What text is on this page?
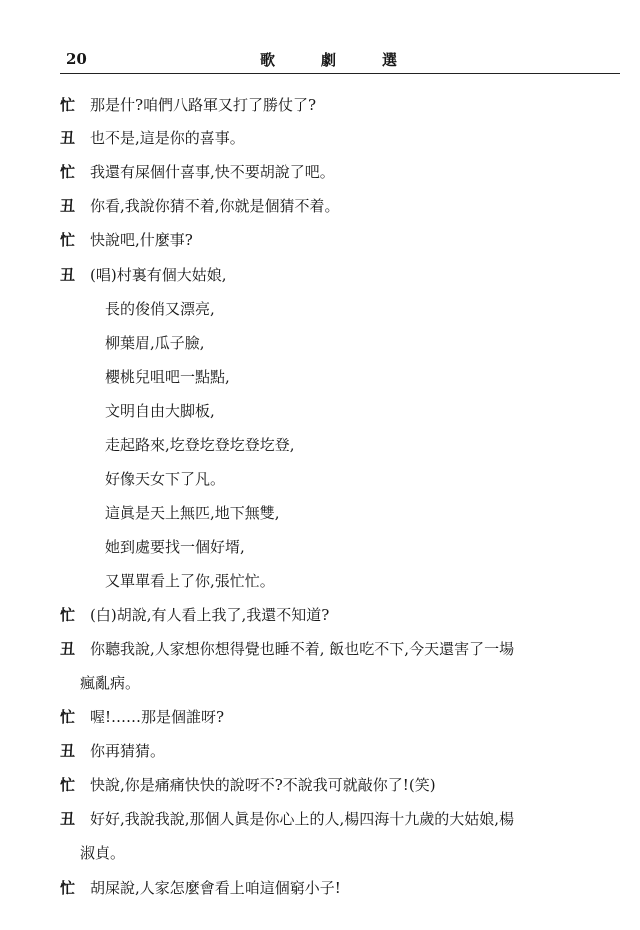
20	歌劇選
忙 那是什?咱們八路軍又打了勝仗了?
丑 也不是,這是你的喜事。
忙 我還有屎個什喜事,快不要胡說了吧。
丑 你看,我說你猜不着,你就是個猜不着。
忙 快說吧,什麼事?
丑 (唱)村裏有個大姑娘,
長的俊俏又漂亮,
柳葉眉,瓜子臉,
櫻桃兒咀吧一點點,
文明自由大脚板,
走起路來,圪登圪登圪登圪登,
好像天女下了凡。
這眞是天上無匹,地下無雙,
她到處要找一個好壻,
又單單看上了你,張忙忙。
忙 (白)胡說,有人看上我了,我還不知道?
丑 你聽我說,人家想你想得覺也睡不着, 飯也吃不下,今天還害了一場
瘋亂病。
忙 喔!……那是個誰呀?
丑 你再猜猜。
忙 快說,你是痛痛快快的說呀不?不說我可就敲你了!(笑)
丑 好好,我說我說,那個人眞是你心上的人,楊四海十九歲的大姑娘,楊
淑貞。
忙 胡屎說,人家怎麼會看上咱這個窮小子!
